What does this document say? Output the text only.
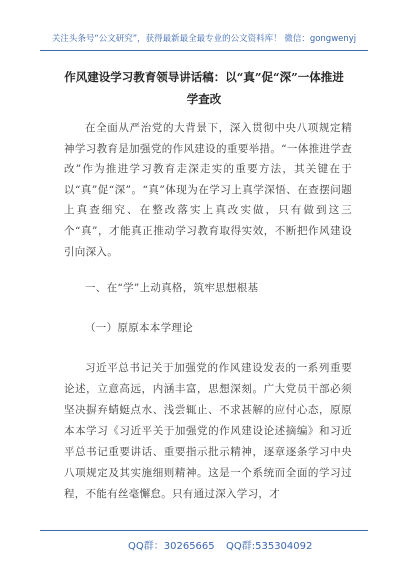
关注头条号“公文研究”，获得最新最全最专业的公文资料库！ 微信：gongwenyj
作风建设学习教育领导讲话稿：以“真”促“深”一体推进学查改
在全面从严治党的大背景下，深入贯彻中央八项规定精神学习教育是加强党的作风建设的重要举措。“一体推进学查改”作为推进学习教育走深走实的重要方法，其关键在于以“真”促“深”。“真”体现为在学习上真学深悟、在查摆问题上真查细究、在整改落实上真改实做，只有做到这三个“真”，才能真正推动学习教育取得实效，不断把作风建设引向深入。
一、在“学”上动真格，筑牢思想根基
（一）原原本本学理论
习近平总书记关于加强党的作风建设发表的一系列重要论述，立意高远，内涵丰富，思想深刻。广大党员干部必须坚决摒弃蜻蜓点水、浅尝辄止、不求甚解的应付心态，原原本本学习《习近平关于加强党的作风建设论述摘编》和习近平总书记重要讲话、重要指示批示精神，逐章逐条学习中央八项规定及其实施细则精神。这是一个系统而全面的学习过程，不能有丝毫懈怠。只有通过深入学习，才
QQ群：30265665 QQ群:535304092
